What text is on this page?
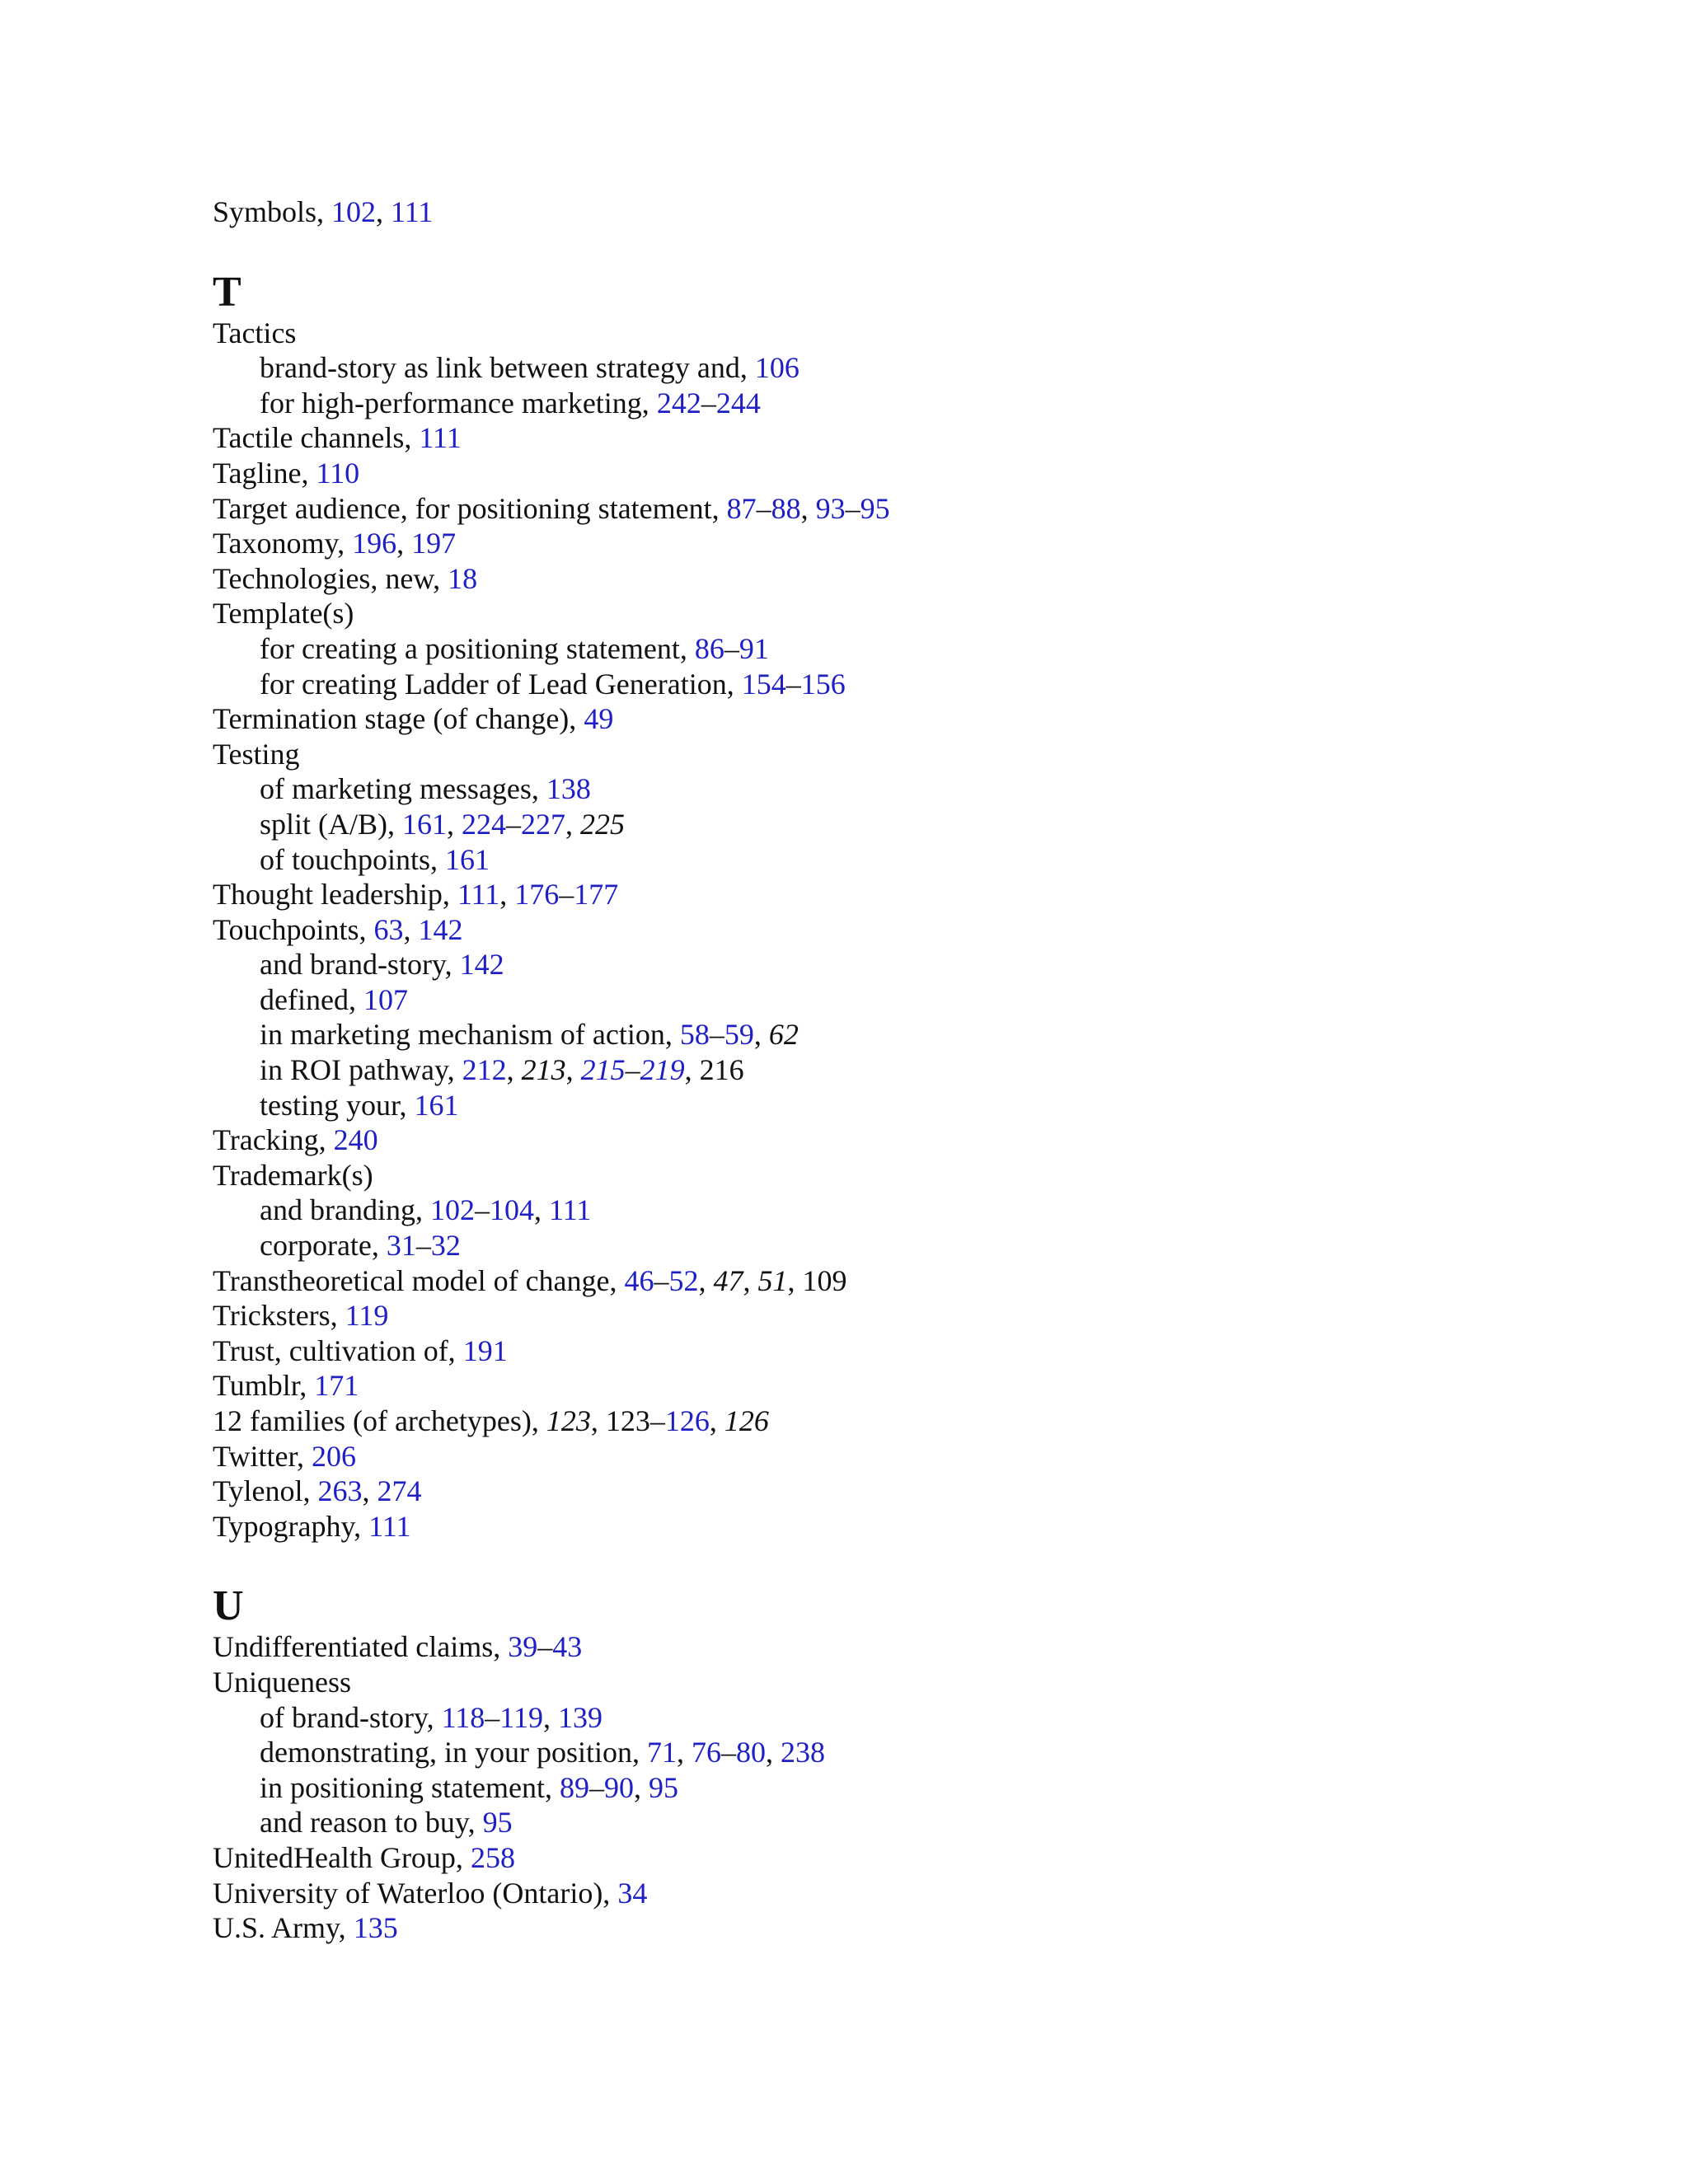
Symbols, 102, 111
T
Tactics
brand-story as link between strategy and, 106
for high-performance marketing, 242–244
Tactile channels, 111
Tagline, 110
Target audience, for positioning statement, 87–88, 93–95
Taxonomy, 196, 197
Technologies, new, 18
Template(s)
for creating a positioning statement, 86–91
for creating Ladder of Lead Generation, 154–156
Termination stage (of change), 49
Testing
of marketing messages, 138
split (A/B), 161, 224–227, 225
of touchpoints, 161
Thought leadership, 111, 176–177
Touchpoints, 63, 142
and brand-story, 142
defined, 107
in marketing mechanism of action, 58–59, 62
in ROI pathway, 212, 213, 215–219, 216
testing your, 161
Tracking, 240
Trademark(s)
and branding, 102–104, 111
corporate, 31–32
Transtheoretical model of change, 46–52, 47, 51, 109
Tricksters, 119
Trust, cultivation of, 191
Tumblr, 171
12 families (of archetypes), 123, 123–126, 126
Twitter, 206
Tylenol, 263, 274
Typography, 111
U
Undifferentiated claims, 39–43
Uniqueness
of brand-story, 118–119, 139
demonstrating, in your position, 71, 76–80, 238
in positioning statement, 89–90, 95
and reason to buy, 95
UnitedHealth Group, 258
University of Waterloo (Ontario), 34
U.S. Army, 135
